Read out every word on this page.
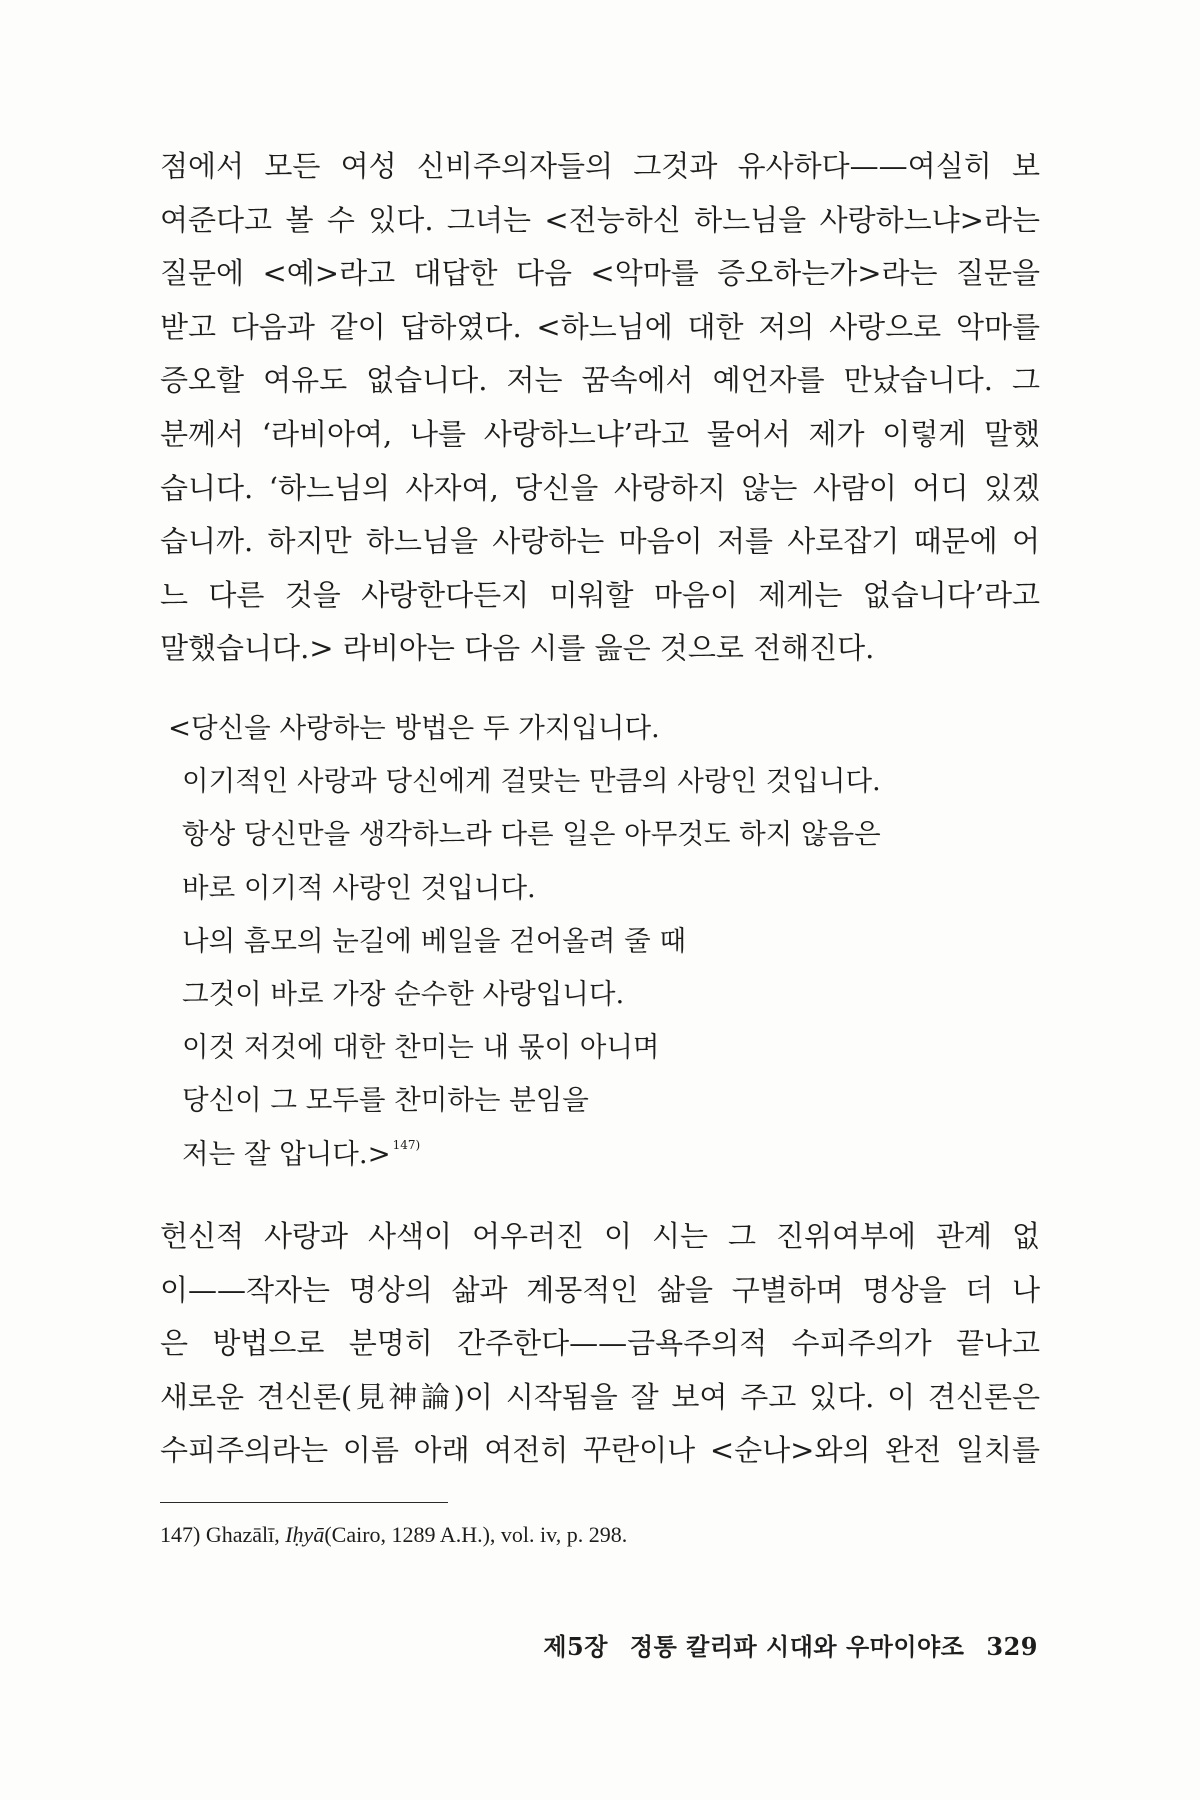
점에서 모든 여성 신비주의자들의 그것과 유사하다——여실히 보
여준다고 볼 수 있다. 그녀는 <전능하신 하느님을 사랑하느냐>라는
질문에 <예>라고 대답한 다음 <악마를 증오하는가>라는 질문을
받고 다음과 같이 답하였다. <하느님에 대한 저의 사랑으로 악마를
증오할 여유도 없습니다. 저는 꿈속에서 예언자를 만났습니다. 그
분께서 ‘라비아여, 나를 사랑하느냐’라고 물어서 제가 이렇게 말했
습니다. ‘하느님의 사자여, 당신을 사랑하지 않는 사람이 어디 있겠
습니까. 하지만 하느님을 사랑하는 마음이 저를 사로잡기 때문에 어
느 다른 것을 사랑한다든지 미워할 마음이 제게는 없습니다’라고
말했습니다.> 라비아는 다음 시를 읊은 것으로 전해진다.
<당신을 사랑하는 방법은 두 가지입니다.
이기적인 사랑과 당신에게 걸맞는 만큼의 사랑인 것입니다.
항상 당신만을 생각하느라 다른 일은 아무것도 하지 않음은
바로 이기적 사랑인 것입니다.
나의 흠모의 눈길에 베일을 걷어올려 줄 때
그것이 바로 가장 순수한 사랑입니다.
이것 저것에 대한 찬미는 내 몫이 아니며
당신이 그 모두를 찬미하는 분임을
저는 잘 압니다.> $^{147)}$
헌신적 사랑과 사색이 어우러진 이 시는 그 진위여부에 관계 없
이——작자는 명상의 삶과 계몽적인 삶을 구별하며 명상을 더 나
은 방법으로 분명히 간주한다——금욕주의적 수피주의가 끝나고
새로운 견신론(見神論)이 시작됨을 잘 보여 주고 있다. 이 견신론은
수피주의라는 이름 아래 여전히 꾸란이나 <순나>와의 완전 일치를
147) Ghazālī, Iḥyā(Cairo, 1289 A.H.), vol. iv, p. 298.
제5장 정통 칼리파 시대와 우마이야조 329
